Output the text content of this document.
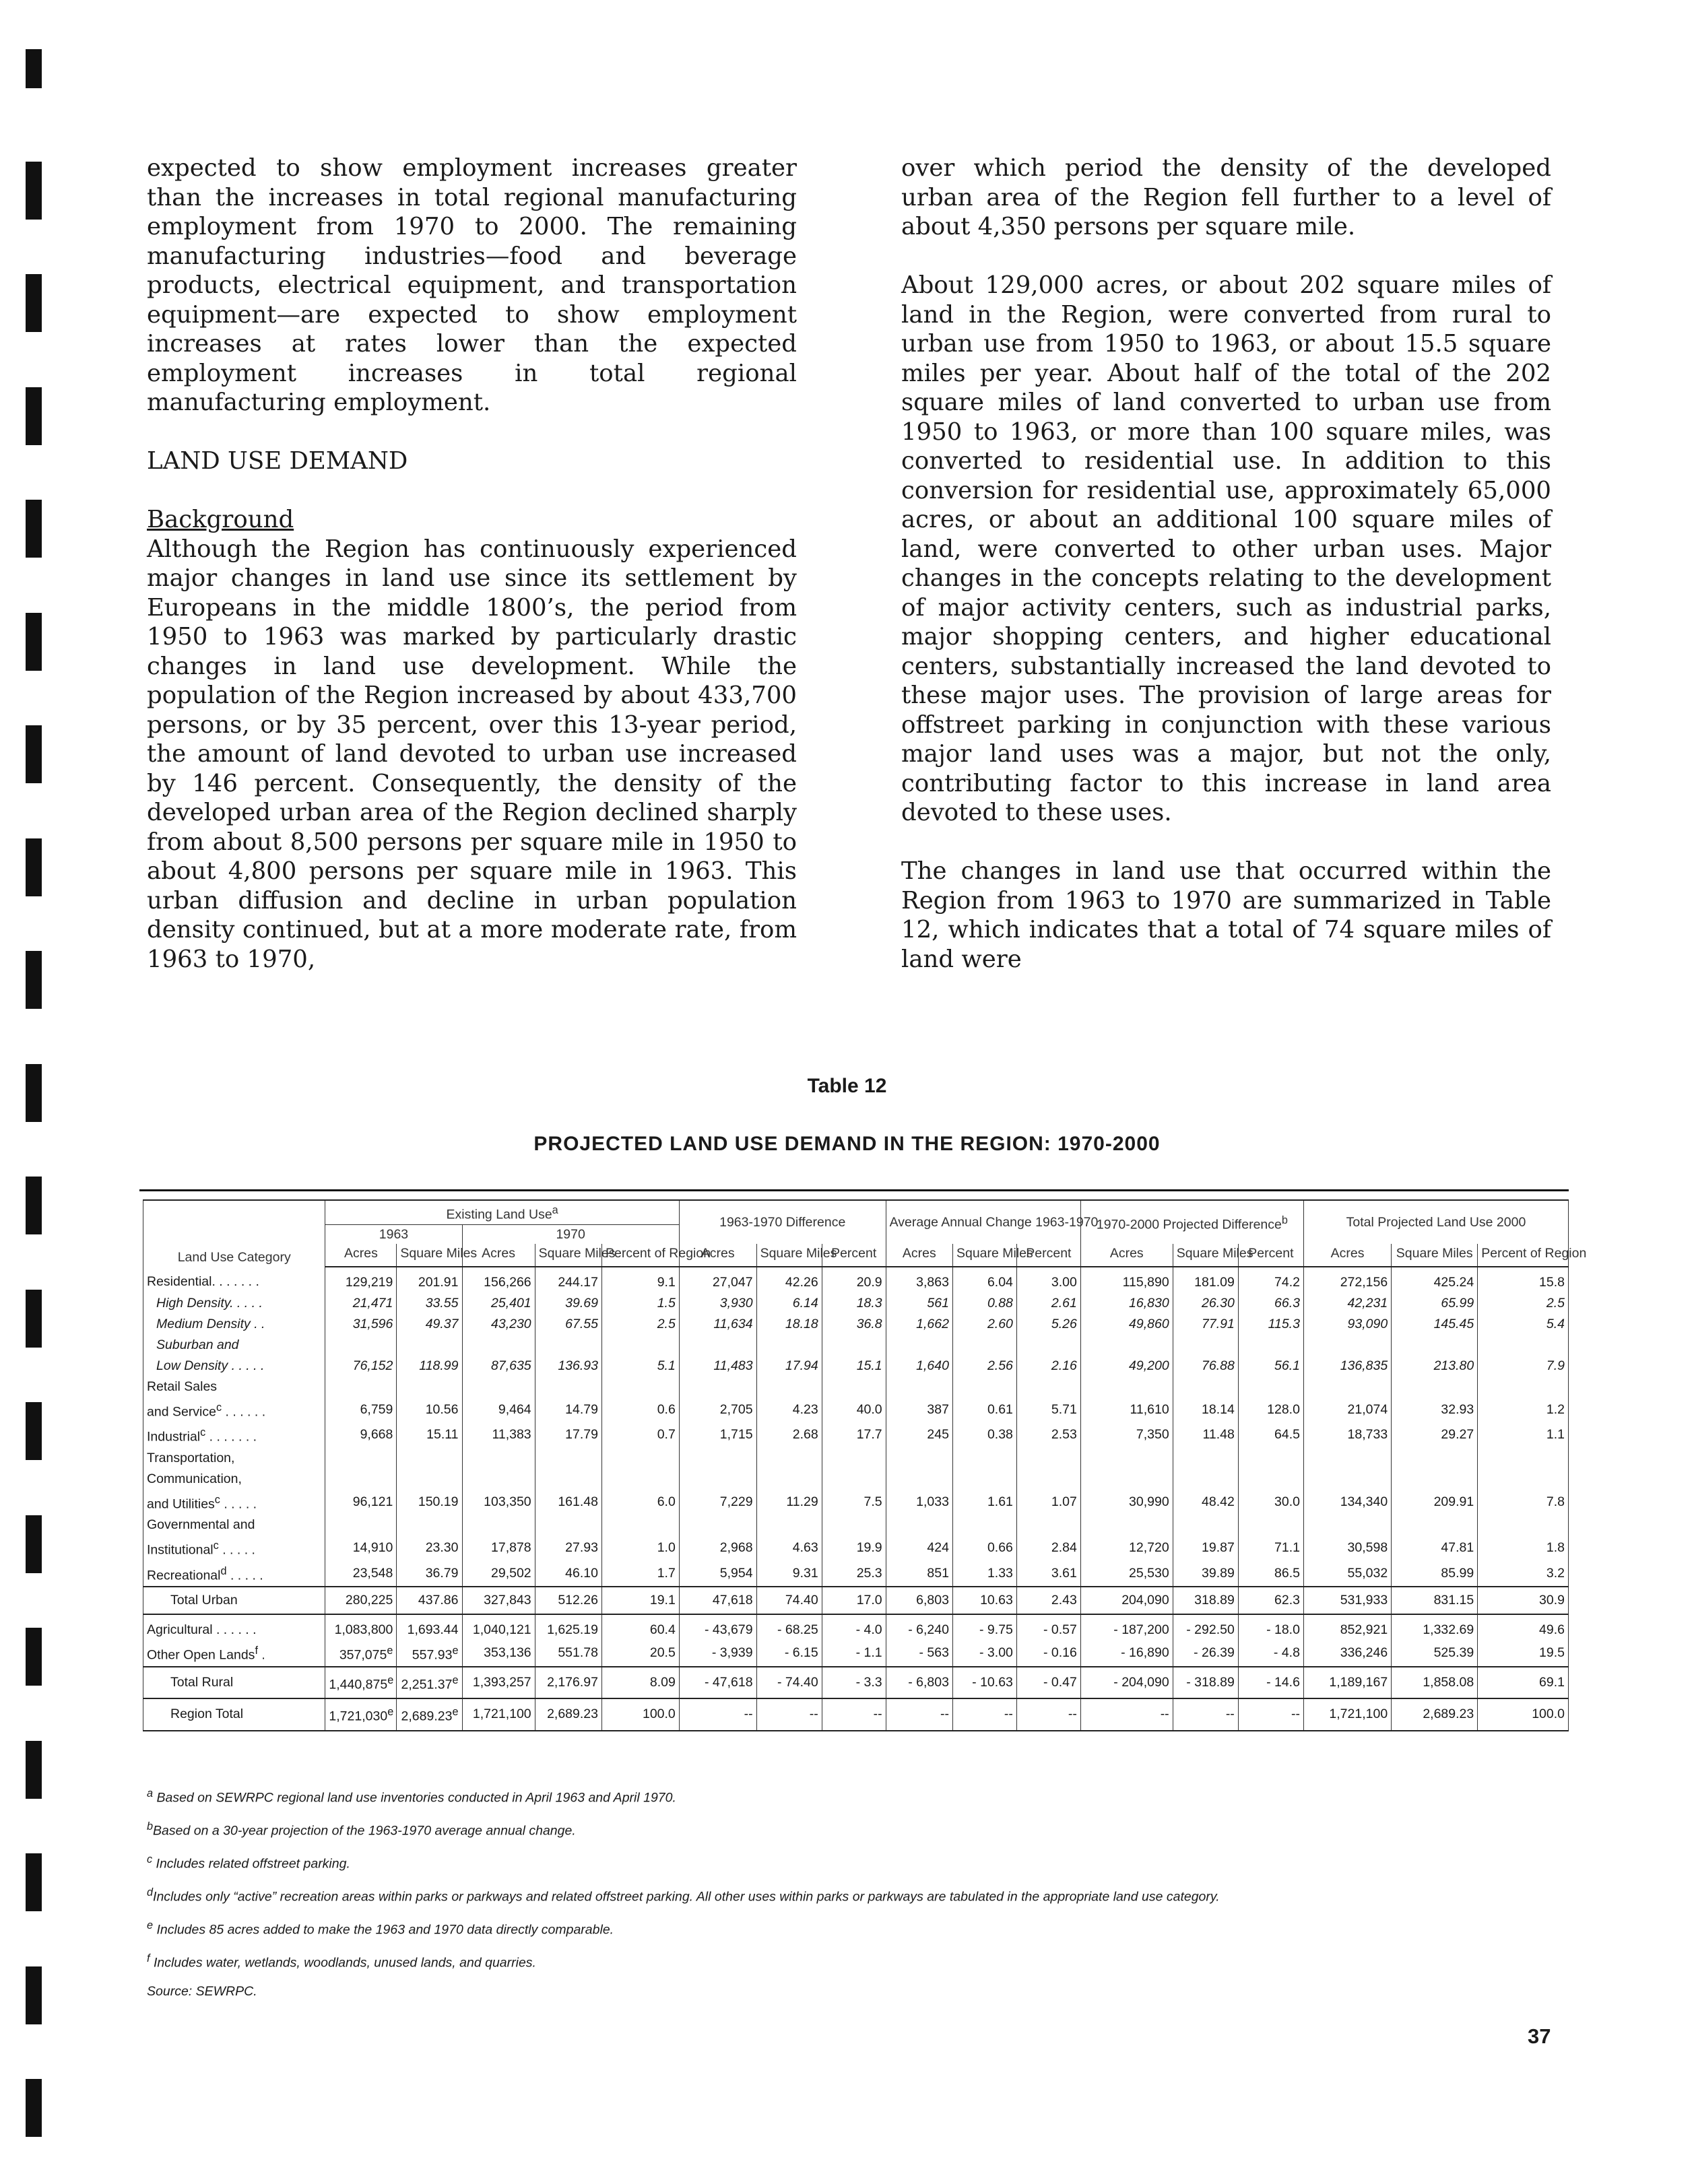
expected to show employment increases greater than the increases in total regional manufacturing employment from 1970 to 2000. The remaining manufacturing industries—food and beverage products, electrical equipment, and transportation equipment—are expected to show employment increases at rates lower than the expected employment increases in total regional manufacturing employment.

LAND USE DEMAND
Background

Although the Region has continuously experienced major changes in land use since its settlement by Europeans in the middle 1800’s, the period from 1950 to 1963 was marked by particularly drastic changes in land use development. While the population of the Region increased by about 433,700 persons, or by 35 percent, over this 13-year period, the amount of land devoted to urban use increased by 146 percent. Consequently, the density of the developed urban area of the Region declined sharply from about 8,500 persons per square mile in 1950 to about 4,800 persons per square mile in 1963. This urban diffusion and decline in urban population density continued, but at a more moderate rate, from 1963 to 1970,

over which period the density of the developed urban area of the Region fell further to a level of about 4,350 persons per square mile.

About 129,000 acres, or about 202 square miles of land in the Region, were converted from rural to urban use from 1950 to 1963, or about 15.5 square miles per year. About half of the total of the 202 square miles of land converted to urban use from 1950 to 1963, or more than 100 square miles, was converted to residential use. In addition to this conversion for residential use, approximately 65,000 acres, or about an additional 100 square miles of land, were converted to other urban uses. Major changes in the concepts relating to the development of major activity centers, such as industrial parks, major shopping centers, and higher educational centers, substantially increased the land devoted to these major uses. The provision of large areas for offstreet parking in conjunction with these various major land uses was a major, but not the only, contributing factor to this increase in land area devoted to these uses.

The changes in land use that occurred within the Region from 1963 to 1970 are summarized in Table 12, which indicates that a total of 74 square miles of land were

Table 12
PROJECTED LAND USE DEMAND IN THE REGION: 1970-2000
Land Use Category	Existing Land Use$^a$					1963-1970 Difference			Average Annual Change 1963-1970			1970-2000 Projected Difference$^b$			Total Projected Land Use 2000		
	1963		1970														
	Acres	Square Miles	Acres	Square Miles	Percent of Region	Acres	Square Miles	Percent	Acres	Square Miles	Percent	Acres	Square Miles	Percent	Acres	Square Miles	Percent of Region
Residential. . . . . . .	129,219	201.91	156,266	244.17	9.1	27,047	42.26	20.9	3,863	6.04	3.00	115,890	181.09	74.2	272,156	425.24	15.8
High Density. . . . .	21,471	33.55	25,401	39.69	1.5	3,930	6.14	18.3	561	0.88	2.61	16,830	26.30	66.3	42,231	65.99	2.5
Medium Density . .	31,596	49.37	43,230	67.55	2.5	11,634	18.18	36.8	1,662	2.60	5.26	49,860	77.91	115.3	93,090	145.45	5.4
Suburban and																	
Low Density . . . . .	76,152	118.99	87,635	136.93	5.1	11,483	17.94	15.1	1,640	2.56	2.16	49,200	76.88	56.1	136,835	213.80	7.9
Retail Sales																	
and Service$^c$ . . . . . .	6,759	10.56	9,464	14.79	0.6	2,705	4.23	40.0	387	0.61	5.71	11,610	18.14	128.0	21,074	32.93	1.2
Industrial$^c$ . . . . . . .	9,668	15.11	11,383	17.79	0.7	1,715	2.68	17.7	245	0.38	2.53	7,350	11.48	64.5	18,733	29.27	1.1
Transportation,																	
Communication,																	
and Utilities$^c$ . . . . .	96,121	150.19	103,350	161.48	6.0	7,229	11.29	7.5	1,033	1.61	1.07	30,990	48.42	30.0	134,340	209.91	7.8
Governmental and																	
Institutional$^c$ . . . . .	14,910	23.30	17,878	27.93	1.0	2,968	4.63	19.9	424	0.66	2.84	12,720	19.87	71.1	30,598	47.81	1.8
Recreational$^d$ . . . . .	23,548	36.79	29,502	46.10	1.7	5,954	9.31	25.3	851	1.33	3.61	25,530	39.89	86.5	55,032	85.99	3.2
Total Urban	280,225	437.86	327,843	512.26	19.1	47,618	74.40	17.0	6,803	10.63	2.43	204,090	318.89	62.3	531,933	831.15	30.9
Agricultural . . . . . .	1,083,800	1,693.44	1,040,121	1,625.19	60.4	- 43,679	- 68.25	- 4.0	- 6,240	- 9.75	- 0.57	- 187,200	- 292.50	- 18.0	852,921	1,332.69	49.6
Other Open Lands$^f$ .	357,075e	557.93e	353,136	551.78	20.5	- 3,939	- 6.15	- 1.1	- 563	- 3.00	- 0.16	- 16,890	- 26.39	- 4.8	336,246	525.39	19.5
Total Rural	1,440,875e	2,251.37e	1,393,257	2,176.97	8.09	- 47,618	- 74.40	- 3.3	- 6,803	- 10.63	- 0.47	- 204,090	- 318.89	- 14.6	1,189,167	1,858.08	69.1
Region Total	1,721,030e	2,689.23e	1,721,100	2,689.23	100.0	--	--	--	--	--	--	--	--	--	1,721,100	2,689.23	100.0
$^a$ Based on SEWRPC regional land use inventories conducted in April 1963 and April 1970.
$^b$Based on a 30-year projection of the 1963-1970 average annual change.
$^c$ Includes related offstreet parking.
$^d$Includes only “active” recreation areas within parks or parkways and related offstreet parking. All other uses within parks or parkways are tabulated in the appropriate land use category.
$^e$ Includes 85 acres added to make the 1963 and 1970 data directly comparable.
$^f$ Includes water, wetlands, woodlands, unused lands, and quarries.
Source: SEWRPC.
37
